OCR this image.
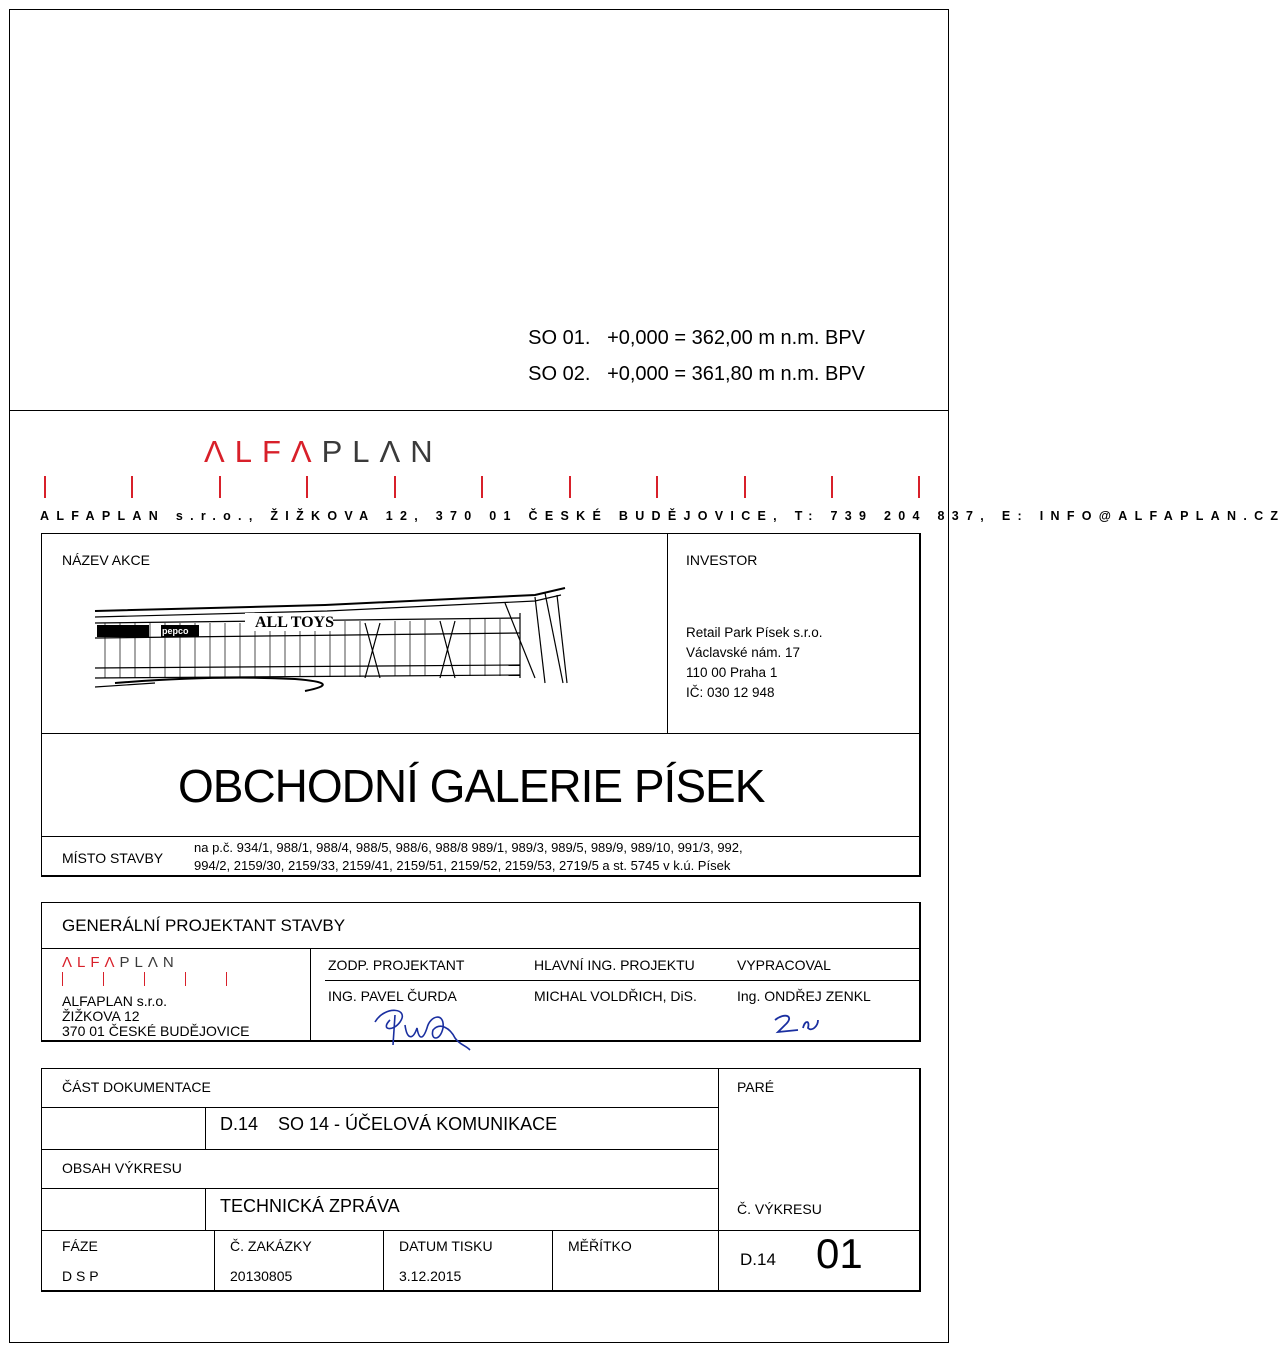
SO 01. +0,000 = 362,00 m n.m. BPV

SO 02. +0,000 = 361,80 m n.m. BPV

ΛLFΛPLΛN
ALFAPLAN s.r.o., ŽIŽKOVA 12, 370 01 ČESKÉ BUDĚJOVICE, T: 739 204 837, E: INFO@ALFAPLAN.CZ
NÁZEV AKCE	INVESTOR
pepco	ALL TOYS
Retail Park Písek s.r.o.
Václavské nám. 17
110 00 Praha 1
IČ: 030 12 948
OBCHODNÍ GALERIE PÍSEK
MÍSTO STAVBY
na p.č. 934/1, 988/1, 988/4, 988/5, 988/6, 988/8 989/1, 989/3, 989/5, 989/9, 989/10, 991/3, 992,
994/2, 2159/30, 2159/33, 2159/41, 2159/51, 2159/52, 2159/53, 2719/5 a st. 5745 v k.ú. Písek
GENERÁLNÍ PROJEKTANT STAVBY
ΛLFΛPLΛN
ALFAPLAN s.r.o.
ŽIŽKOVA 12
370 01 ČESKÉ BUDĚJOVICE
ZODP. PROJEKTANT	HLAVNÍ ING. PROJEKTU	VYPRACOVAL
ING. PAVEL ČURDA	MICHAL VOLDŘICH, DiS.	Ing. ONDŘEJ ZENKL
ČÁST DOKUMENTACE	PARÉ
D.14    SO 14 - ÚČELOVÁ KOMUNIKACE
OBSAH VÝKRESU
TECHNICKÁ ZPRÁVA	Č. VÝKRESU
FÁZE	Č. ZAKÁZKY	DATUM TISKU	MĚŘÍTKO
D S P	20130805	3.12.2015
D.14 01
